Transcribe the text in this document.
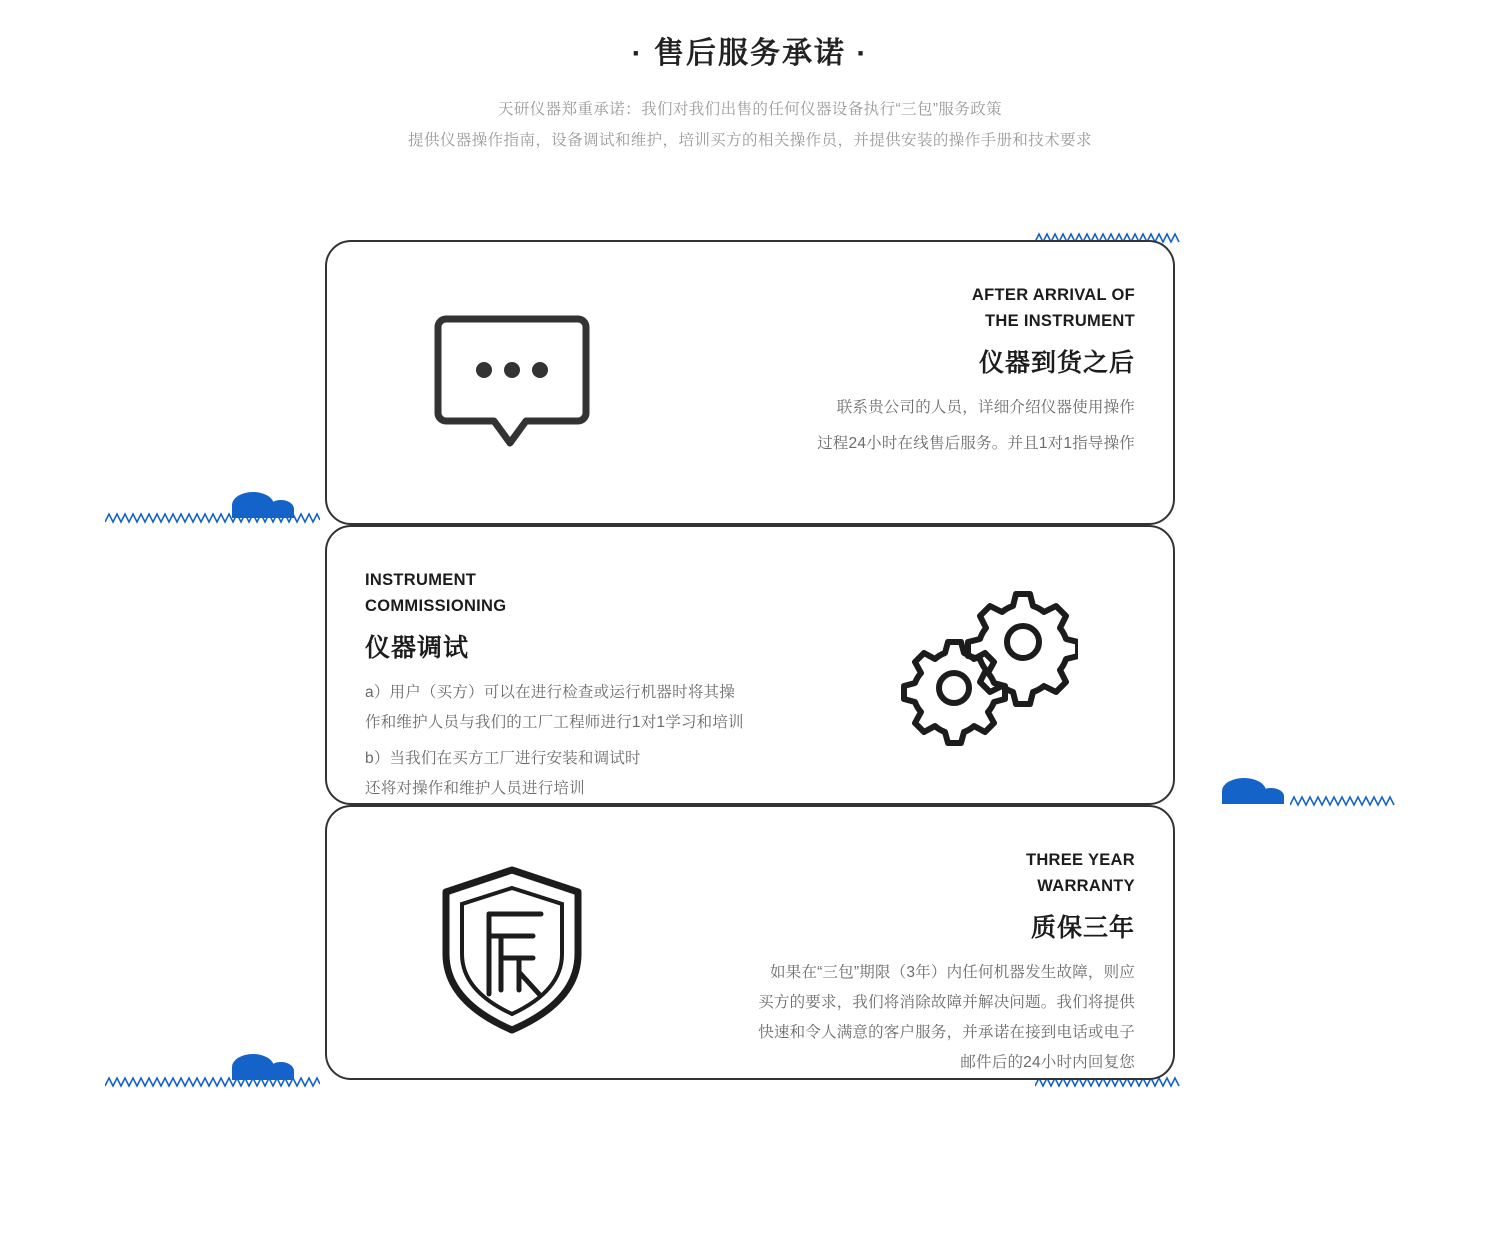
· 售后服务承诺 ·
天研仪器郑重承诺：我们对我们出售的任何仪器设备执行“三包”服务政策
提供仪器操作指南，设备调试和维护，培训买方的相关操作员，并提供安装的操作手册和技术要求
AFTER ARRIVAL OF
THE INSTRUMENT
仪器到货之后

联系贵公司的人员，详细介绍仪器使用操作

过程24小时在线售后服务。并且1对1指导操作

INSTRUMENT
COMMISSIONING
仪器调试

a）用户（买方）可以在进行检查或运行机器时将其操

作和维护人员与我们的工厂工程师进行1对1学习和培训

b）当我们在买方工厂进行安装和调试时

还将对操作和维护人员进行培训

THREE YEAR
WARRANTY
质保三年

如果在“三包”期限（3年）内任何机器发生故障，则应

买方的要求，我们将消除故障并解决问题。我们将提供

快速和令人满意的客户服务，并承诺在接到电话或电子

邮件后的24小时内回复您
